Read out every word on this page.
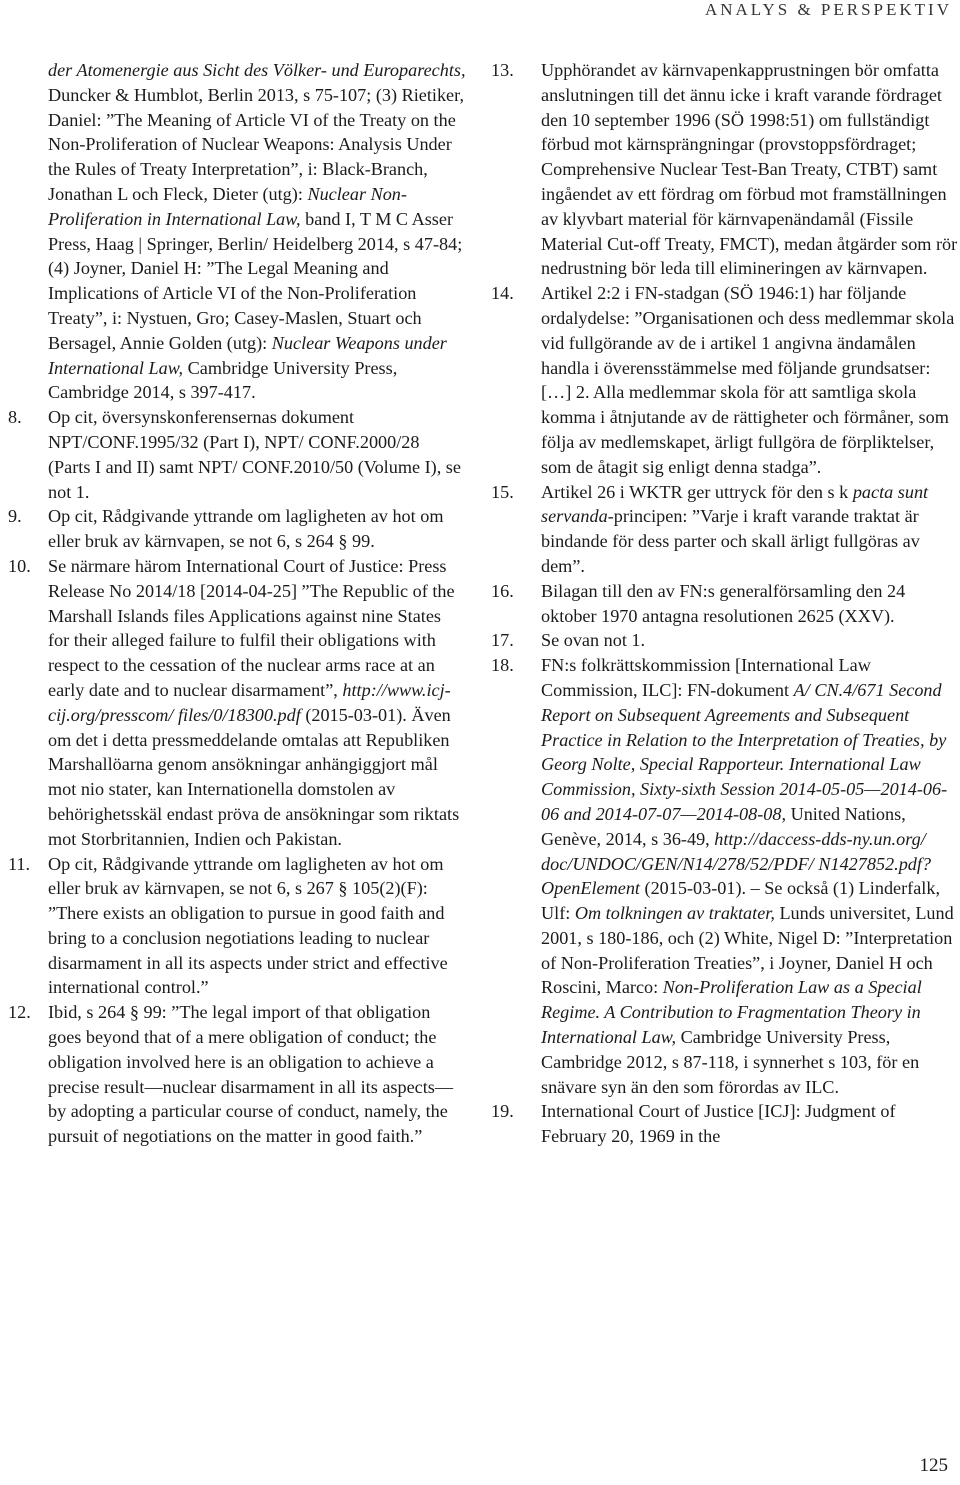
ANALYS & PERSPEKTIV
der Atomenergie aus Sicht des Völker- und Europarechts, Duncker & Humblot, Berlin 2013, s 75-107; (3) Rietiker, Daniel: ”The Meaning of Article VI of the Treaty on the Non-Proliferation of Nuclear Weapons: Analysis Under the Rules of Treaty Interpretation”, i: Black-Branch, Jonathan L och Fleck, Dieter (utg): Nuclear Non-Proliferation in International Law, band I, T M C Asser Press, Haag | Springer, Berlin/ Heidelberg 2014, s 47-84; (4) Joyner, Daniel H: ”The Legal Meaning and Implications of Article VI of the Non-Proliferation Treaty”, i: Nystuen, Gro; Casey-Maslen, Stuart och Bersagel, Annie Golden (utg): Nuclear Weapons under International Law, Cambridge University Press, Cambridge 2014, s 397-417.
8. Op cit, översynskonferensernas dokument NPT/CONF.1995/32 (Part I), NPT/ CONF.2000/28 (Parts I and II) samt NPT/ CONF.2010/50 (Volume I), se not 1.
9. Op cit, Rådgivande yttrande om lagligheten av hot om eller bruk av kärnvapen, se not 6, s 264 § 99.
10. Se närmare härom International Court of Justice: Press Release No 2014/18 [2014-04-25] ”The Republic of the Marshall Islands files Applications against nine States for their alleged failure to fulfil their obligations with respect to the cessation of the nuclear arms race at an early date and to nuclear disarmament”, http://www.icj-cij.org/presscom/ files/0/18300.pdf (2015-03-01). Även om det i detta pressmeddelande omtalas att Republiken Marshallöarna genom ansökningar anhängiggjort mål mot nio stater, kan Internationella domstolen av behörighetsskäl endast pröva de ansökningar som riktats mot Storbritannien, Indien och Pakistan.
11. Op cit, Rådgivande yttrande om lagligheten av hot om eller bruk av kärnvapen, se not 6, s 267 § 105(2)(F): ”There exists an obligation to pursue in good faith and bring to a conclusion negotiations leading to nuclear disarmament in all its aspects under strict and effective international control.”
12. Ibid, s 264 § 99: ”The legal import of that obligation goes beyond that of a mere obligation of conduct; the obligation involved here is an obligation to achieve a precise result—nuclear disarmament in all its aspects—by adopting a particular course of conduct, namely, the pursuit of negotiations on the matter in good faith.”
13. Upphörandet av kärnvapenkapprustningen bör omfatta anslutningen till det ännu icke i kraft varande fördraget den 10 september 1996 (SÖ 1998:51) om fullständigt förbud mot kärnsprängningar (provstoppsfördraget; Comprehensive Nuclear Test-Ban Treaty, CTBT) samt ingåendet av ett fördrag om förbud mot framställningen av klyvbart material för kärnvapenändamål (Fissile Material Cut-off Treaty, FMCT), medan åtgärder som rör nedrustning bör leda till elimineringen av kärnvapen.
14. Artikel 2:2 i FN-stadgan (SÖ 1946:1) har följande ordalydelse: ”Organisationen och dess medlemmar skola vid fullgörande av de i artikel 1 angivna ändamålen handla i överensstämmelse med följande grundsatser: […] 2. Alla medlemmar skola för att samtliga skola komma i åtnjutande av de rättigheter och förmåner, som följa av medlemskapet, ärligt fullgöra de förpliktelser, som de åtagit sig enligt denna stadga”.
15. Artikel 26 i WKTR ger uttryck för den s k pacta sunt servanda-principen: ”Varje i kraft varande traktat är bindande för dess parter och skall ärligt fullgöras av dem”.
16. Bilagan till den av FN:s generalförsamling den 24 oktober 1970 antagna resolutionen 2625 (XXV).
17. Se ovan not 1.
18. FN:s folkrättskommission [International Law Commission, ILC]: FN-dokument A/ CN.4/671 Second Report on Subsequent Agreements and Subsequent Practice in Relation to the Interpretation of Treaties, by Georg Nolte, Special Rapporteur. International Law Commission, Sixty-sixth Session 2014-05-05—2014-06-06 and 2014-07-07—2014-08-08, United Nations, Genève, 2014, s 36-49, http://daccess-dds-ny.un.org/ doc/UNDOC/GEN/N14/278/52/PDF/ N1427852.pdf?OpenElement (2015-03-01). – Se också (1) Linderfalk, Ulf: Om tolkningen av traktater, Lunds universitet, Lund 2001, s 180-186, och (2) White, Nigel D: ”Interpretation of Non-Proliferation Treaties”, i Joyner, Daniel H och Roscini, Marco: Non-Proliferation Law as a Special Regime. A Contribution to Fragmentation Theory in International Law, Cambridge University Press, Cambridge 2012, s 87-118, i synnerhet s 103, för en snävare syn än den som förordas av ILC.
19. International Court of Justice [ICJ]: Judgment of February 20, 1969 in the
125
